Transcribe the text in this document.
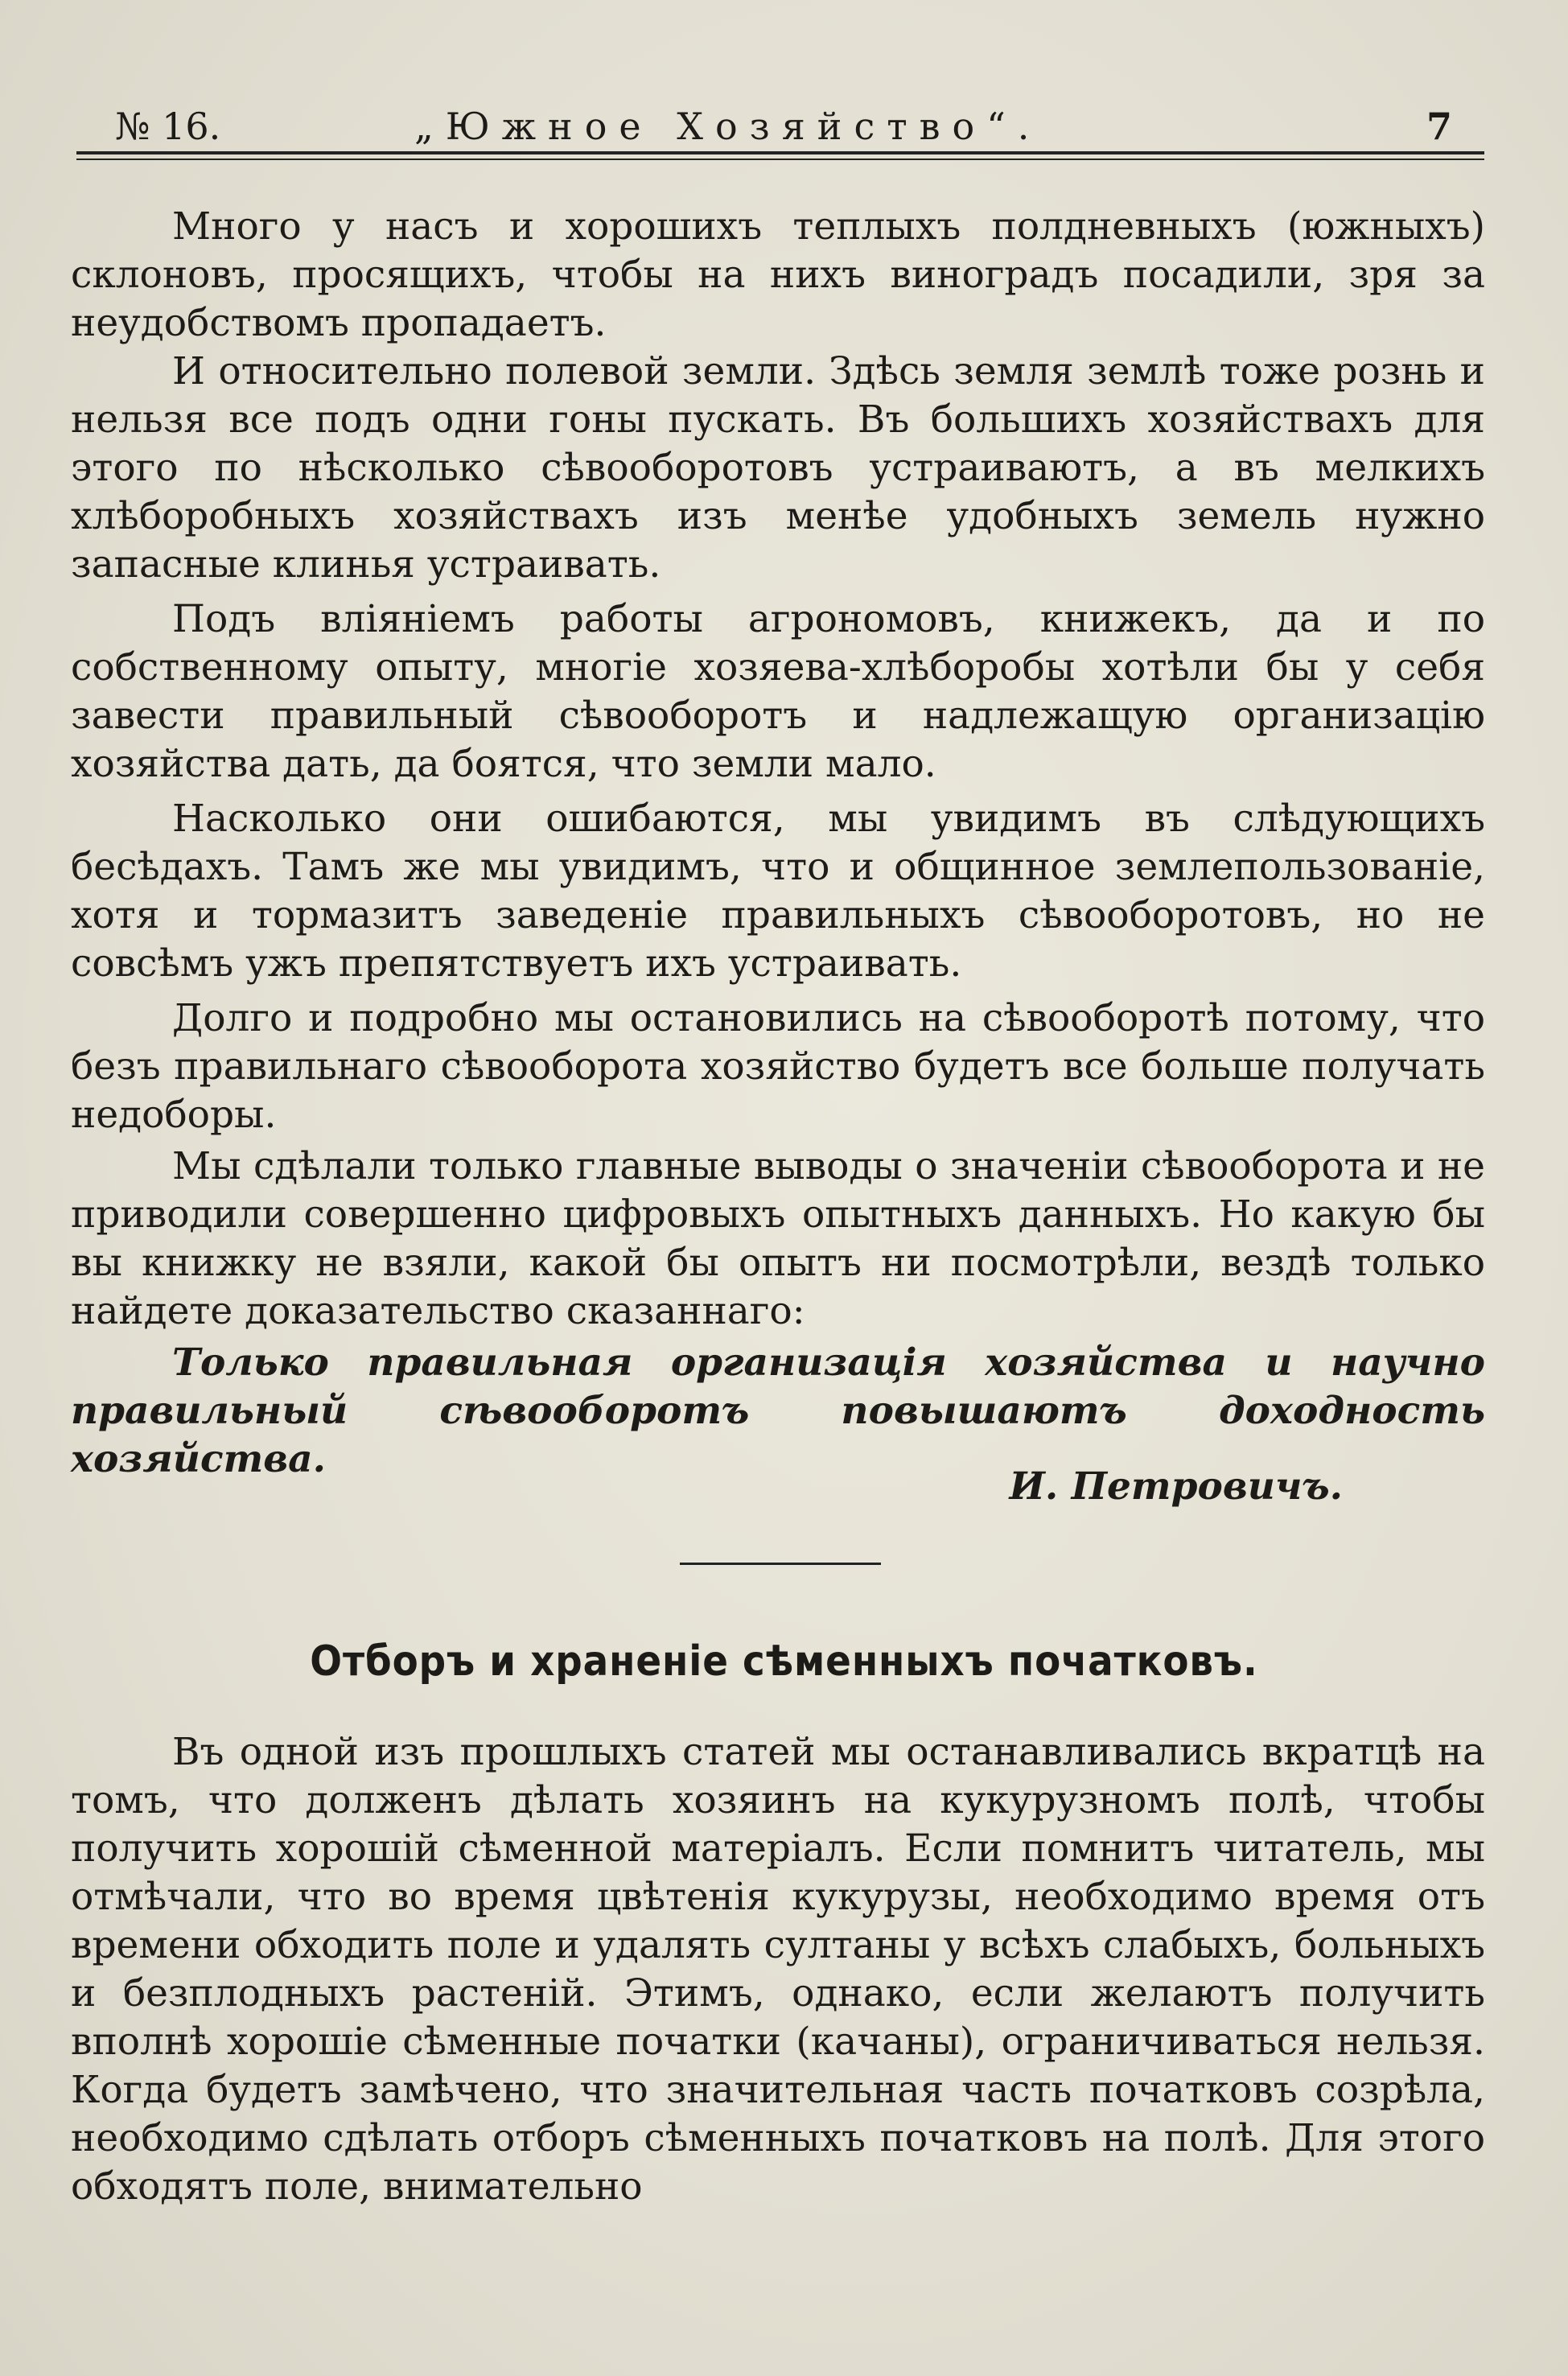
№ 16.	„Южное Хозяйство“.	7

Много у насъ и хорошихъ теплыхъ полдневныхъ (южныхъ) склоновъ, просящихъ, чтобы на нихъ виноградъ посадили, зря за неудобствомъ пропадаетъ.

И относительно полевой земли. Здѣсь земля землѣ тоже рознь и нельзя все подъ одни гоны пускать. Въ большихъ хозяйствахъ для этого по нѣсколько сѣвооборотовъ устраиваютъ, а въ мелкихъ хлѣборобныхъ хозяйствахъ изъ менѣе удобныхъ земель нужно запасные клинья устраивать.

Подъ вліяніемъ работы агрономовъ, книжекъ, да и по собственному опыту, многіе хозяева-хлѣборобы хотѣли бы у себя завести правильный сѣвооборотъ и надлежащую организацію хозяйства дать, да боятся, что земли мало.

Насколько они ошибаются, мы увидимъ въ слѣдующихъ бесѣдахъ. Тамъ же мы увидимъ, что и общинное землепользованіе, хотя и тормазитъ заведеніе правильныхъ сѣвооборотовъ, но не совсѣмъ ужъ препятствуетъ ихъ устраивать.

Долго и подробно мы остановились на сѣвооборотѣ потому, что безъ правильнаго сѣвооборота хозяйство будетъ все больше получать недоборы.

Мы сдѣлали только главные выводы о значеніи сѣвооборота и не приводили совершенно цифровыхъ опытныхъ данныхъ. Но какую бы вы книжку не взяли, какой бы опытъ ни посмотрѣли, вездѣ только найдете доказательство сказаннаго:

Только правильная организація хозяйства и научно правильный сѣвооборотъ повышаютъ доходность хозяйства.

И. Петровичъ.
Отборъ и храненіе сѣменныхъ початковъ.

Въ одной изъ прошлыхъ статей мы останавливались вкратцѣ на томъ, что долженъ дѣлать хозяинъ на кукурузномъ полѣ, чтобы получить хорошій сѣменной матеріалъ. Если помнитъ читатель, мы отмѣчали, что во время цвѣтенія кукурузы, необходимо время отъ времени обходить поле и удалять султаны у всѣхъ слабыхъ, больныхъ и безплодныхъ растеній. Этимъ, однако, если желаютъ получить вполнѣ хорошіе сѣменные початки (качаны), ограничиваться нельзя. Когда будетъ замѣчено, что значительная часть початковъ созрѣла, необходимо сдѣлать отборъ сѣменныхъ початковъ на полѣ. Для этого обходятъ поле, внимательно
